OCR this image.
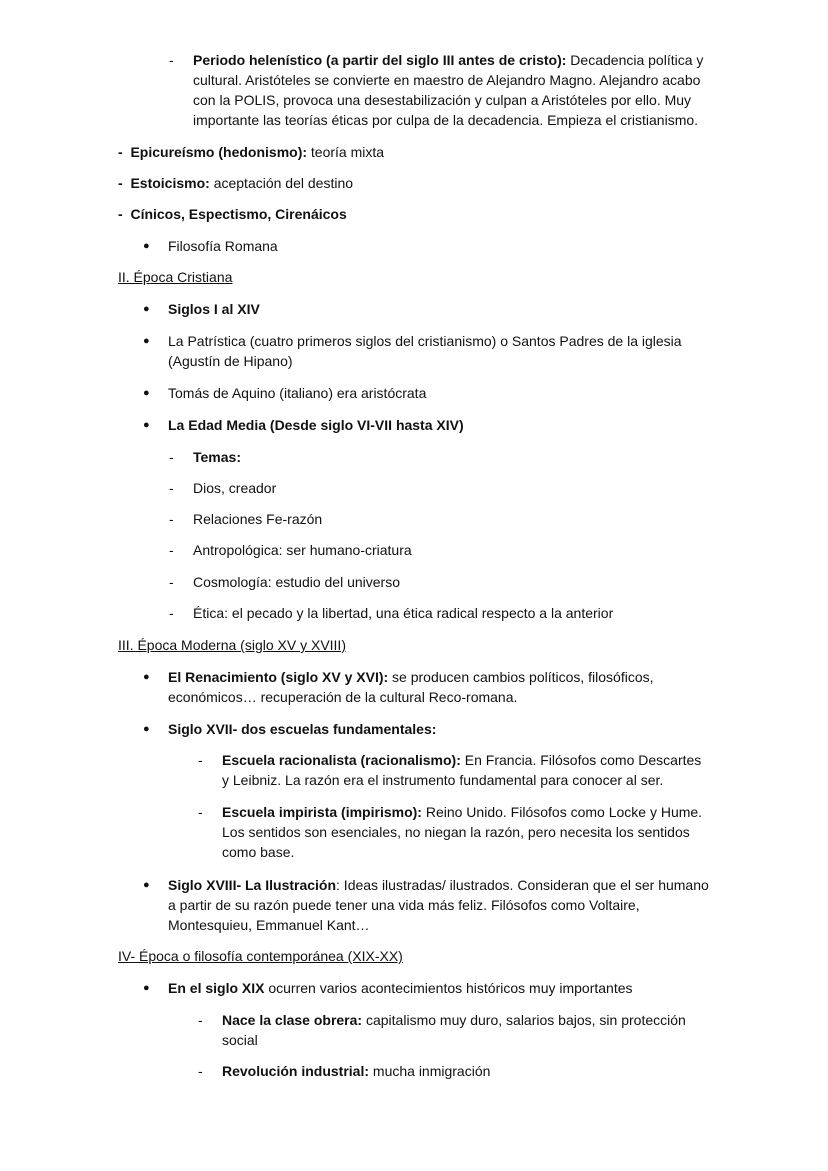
- Periodo helenístico (a partir del siglo III antes de cristo): Decadencia política y cultural. Aristóteles se convierte en maestro de Alejandro Magno. Alejandro acabo con la POLIS, provoca una desestabilización y culpan a Aristóteles por ello. Muy importante las teorías éticas por culpa de la decadencia. Empieza el cristianismo.
- Epicureísmo (hedonismo): teoría mixta
- Estoicismo: aceptación del destino
- Cínicos, Espectismo, Cirenáicos
● Filosofía Romana
II. Época Cristiana
● Siglos I al XIV
● La Patrística (cuatro primeros siglos del cristianismo) o Santos Padres de la iglesia (Agustín de Hipano)
● Tomás de Aquino (italiano) era aristócrata
● La Edad Media (Desde siglo VI-VII hasta XIV)
- Temas:
- Dios, creador
- Relaciones Fe-razón
- Antropológica: ser humano-criatura
- Cosmología: estudio del universo
- Ética: el pecado y la libertad, una ética radical respecto a la anterior
III. Época Moderna (siglo XV y XVIII)
● El Renacimiento (siglo XV y XVI): se producen cambios políticos, filosóficos, económicos… recuperación de la cultural Reco-romana.
● Siglo XVII- dos escuelas fundamentales:
- Escuela racionalista (racionalismo): En Francia. Filósofos como Descartes y Leibniz. La razón era el instrumento fundamental para conocer al ser.
- Escuela impirista (impirismo): Reino Unido. Filósofos como Locke y Hume. Los sentidos son esenciales, no niegan la razón, pero necesita los sentidos como base.
● Siglo XVIII- La Ilustración: Ideas ilustradas/ ilustrados. Consideran que el ser humano a partir de su razón puede tener una vida más feliz. Filósofos como Voltaire, Montesquieu, Emmanuel Kant…
IV- Época o filosofía contemporánea (XIX-XX)
● En el siglo XIX ocurren varios acontecimientos históricos muy importantes
- Nace la clase obrera: capitalismo muy duro, salarios bajos, sin protección social
- Revolución industrial: mucha inmigración
